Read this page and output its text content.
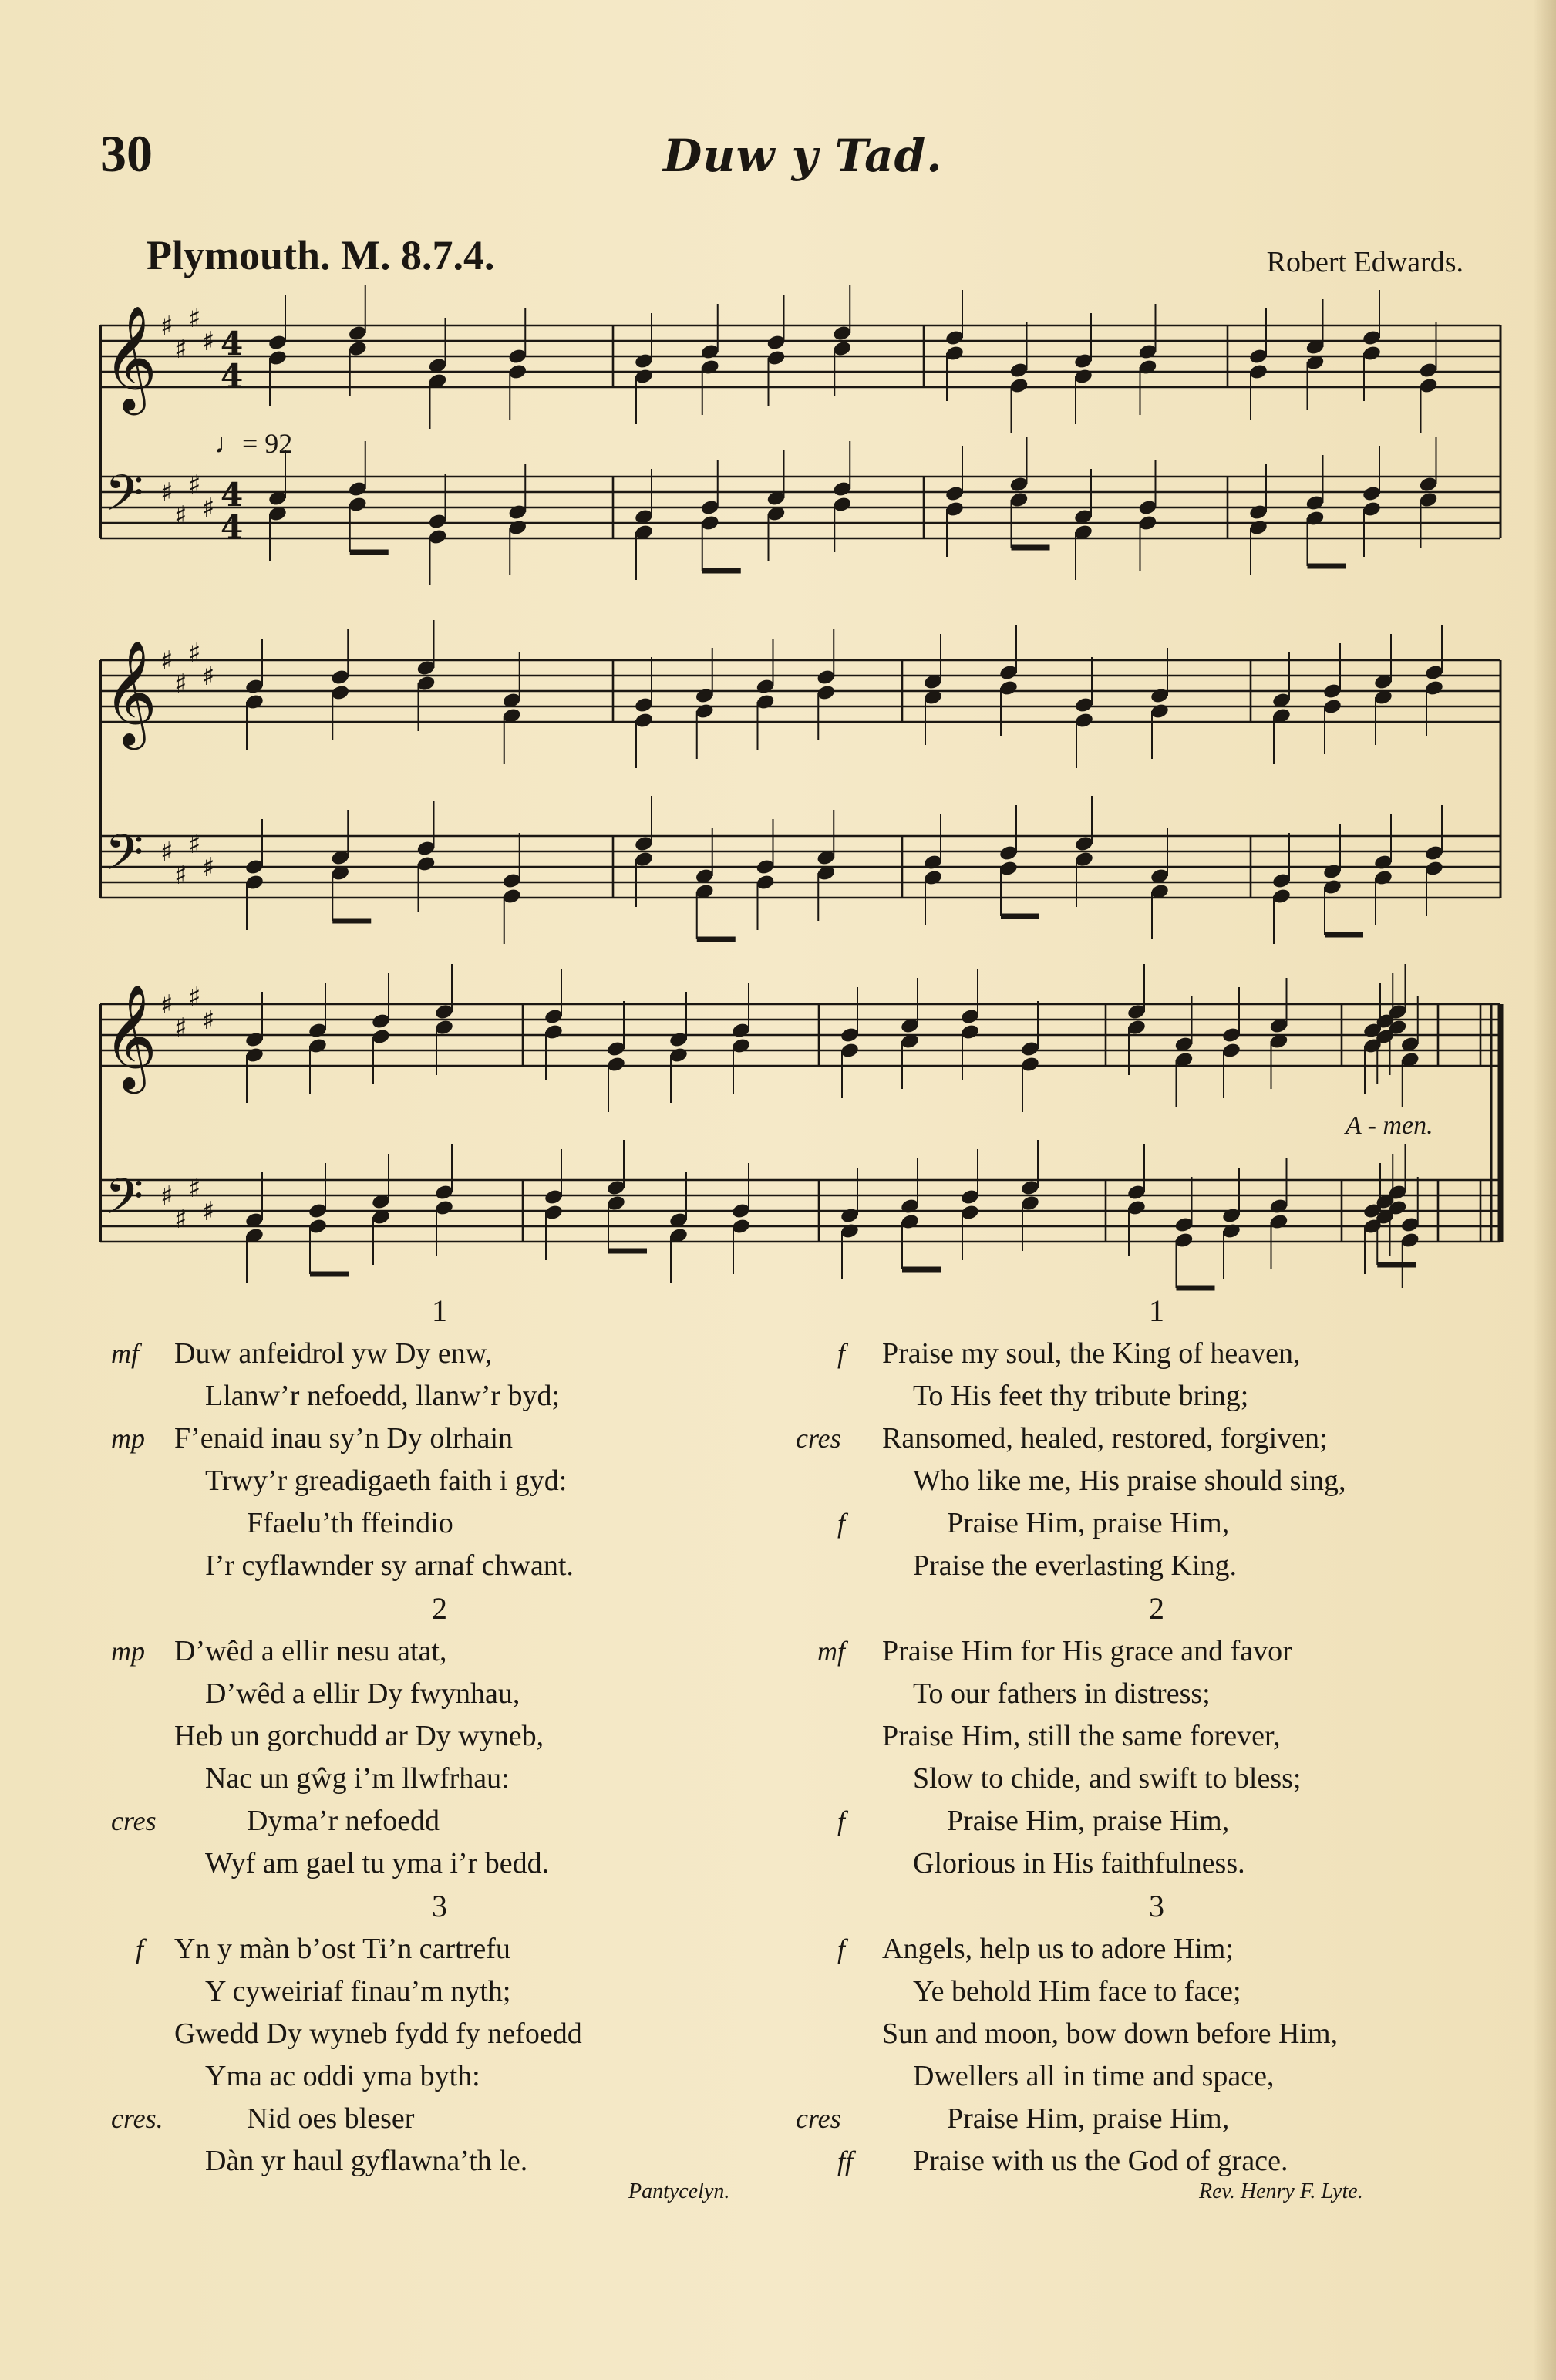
30	Duw y Tad.
Plymouth. M. 8.7.4.	Robert Edwards.
♩= 92
𝄞 ♯
♯
♯
♯ 4
4
𝄢 ♯
♯
♯
♯ 4
4
𝄞 ♯
♯
♯
♯
𝄢 ♯
♯
♯
♯
𝄞 ♯
♯
♯
♯
𝄢 ♯
♯
♯
♯
A - men.
1
mf Duw anfeidrol yw Dy enw,
Llanw’r nefoedd, llanw’r byd;
mp F’enaid inau sy’n Dy olrhain
Trwy’r greadigaeth faith i gyd:
Ffaelu’th ffeindio
I’r cyflawnder sy arnaf chwant.
2
mp D’wêd a ellir nesu atat,
D’wêd a ellir Dy fwynhau,
Heb un gorchudd ar Dy wyneb,
Nac un gŵg i’m llwfrhau:
cres	Dyma’r nefoedd
Wyf am gael tu yma i’r bedd.
3
f Yn y màn b’ost Ti’n cartrefu
Y cyweiriaf finau’m nyth;
Gwedd Dy wyneb fydd fy nefoedd
Yma ac oddi yma byth:
cres.	Nid oes bleser
Dàn yr haul gyflawna’th le.
1
f Praise my soul, the King of heaven,
To His feet thy tribute bring;
cres Ransomed, healed, restored, forgiven;
Who like me, His praise should sing,
f	Praise Him, praise Him,
Praise the everlasting King.
2
mf Praise Him for His grace and favor
To our fathers in distress;
Praise Him, still the same forever,
Slow to chide, and swift to bless;
f	Praise Him, praise Him,
Glorious in His faithfulness.
3
f Angels, help us to adore Him;
Ye behold Him face to face;
Sun and moon, bow down before Him,
Dwellers all in time and space,
cres	Praise Him, praise Him,
ff Praise with us the God of grace.
Pantycelyn.	Rev. Henry F. Lyte.
